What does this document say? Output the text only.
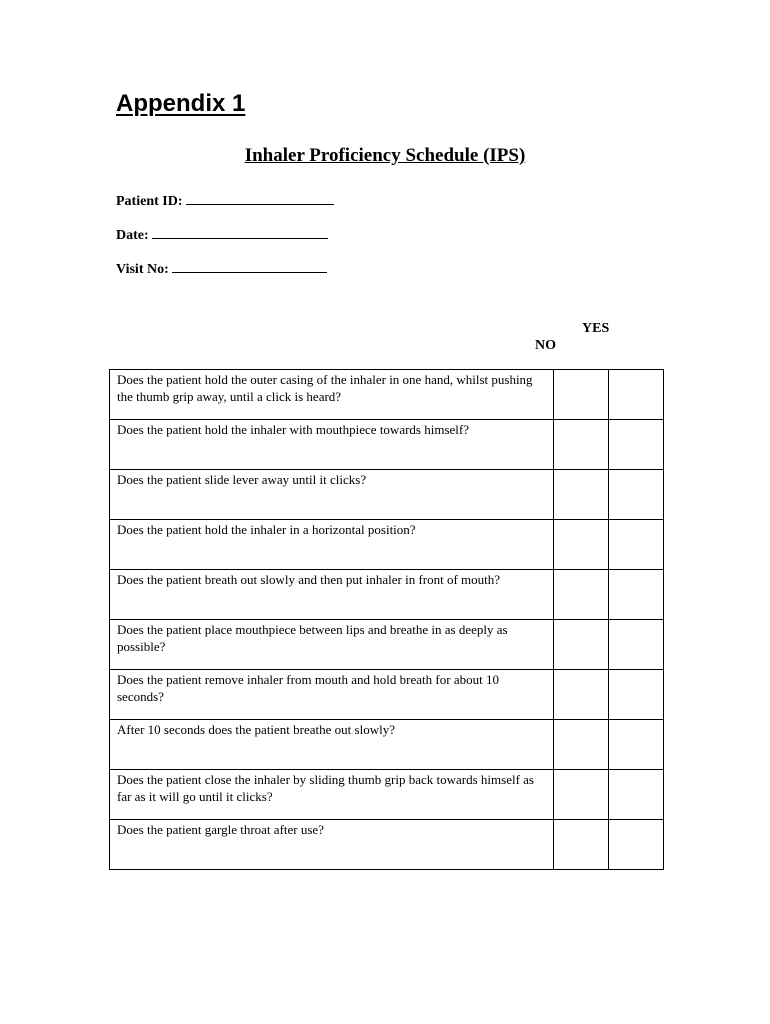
Appendix 1
Inhaler Proficiency Schedule (IPS)
Patient ID:
Date:
Visit No:
YES
NO
Does the patient hold the outer casing of the inhaler in one hand, whilst pushing the thumb grip away, until a click is heard?		

Does the patient hold the inhaler with mouthpiece towards himself?		

Does the patient slide lever away until it clicks?		

Does the patient hold the inhaler in a horizontal position?		

Does the patient breath out slowly and then put inhaler in front of mouth?		

Does the patient place mouthpiece between lips and breathe in as deeply as possible?		

Does the patient remove inhaler from mouth and hold breath for about 10 seconds?		

After 10 seconds does the patient breathe out slowly?		

Does the patient close the inhaler by sliding thumb grip back towards himself as far as it will go until it clicks?		

Does the patient gargle throat after use?		
